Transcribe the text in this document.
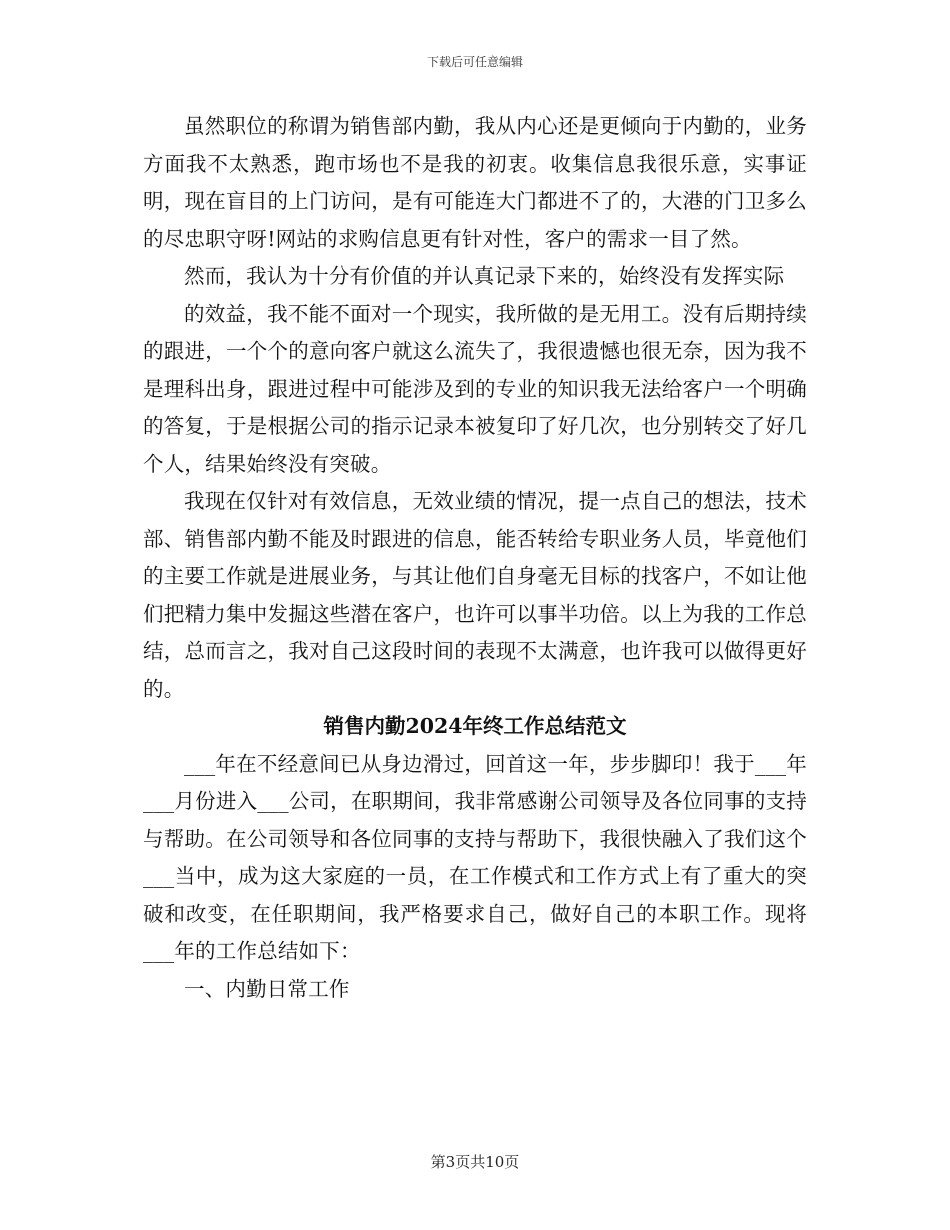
下载后可任意编辑

虽然职位的称谓为销售部内勤，我从内心还是更倾向于内勤的，业务方面我不太熟悉，跑市场也不是我的初衷。收集信息我很乐意，实事证明，现在盲目的上门访问，是有可能连大门都进不了的，大港的门卫多么的尽忠职守呀!网站的求购信息更有针对性，客户的需求一目了然。

然而，我认为十分有价值的并认真记录下来的，始终没有发挥实际

的效益，我不能不面对一个现实，我所做的是无用工。没有后期持续的跟进，一个个的意向客户就这么流失了，我很遗憾也很无奈，因为我不是理科出身，跟进过程中可能涉及到的专业的知识我无法给客户一个明确的答复，于是根据公司的指示记录本被复印了好几次，也分别转交了好几个人，结果始终没有突破。

我现在仅针对有效信息，无效业绩的情况，提一点自己的想法，技术部、销售部内勤不能及时跟进的信息，能否转给专职业务人员，毕竟他们的主要工作就是进展业务，与其让他们自身毫无目标的找客户，不如让他们把精力集中发掘这些潜在客户，也许可以事半功倍。以上为我的工作总结，总而言之，我对自己这段时间的表现不太满意，也许我可以做得更好的。

销售内勤2024年终工作总结范文

___年在不经意间已从身边滑过，回首这一年，步步脚印！我于___年___月份进入___公司，在职期间，我非常感谢公司领导及各位同事的支持与帮助。在公司领导和各位同事的支持与帮助下，我很快融入了我们这个___当中，成为这大家庭的一员，在工作模式和工作方式上有了重大的突破和改变，在任职期间，我严格要求自己，做好自己的本职工作。现将___年的工作总结如下：

一、内勤日常工作

第3页共10页
